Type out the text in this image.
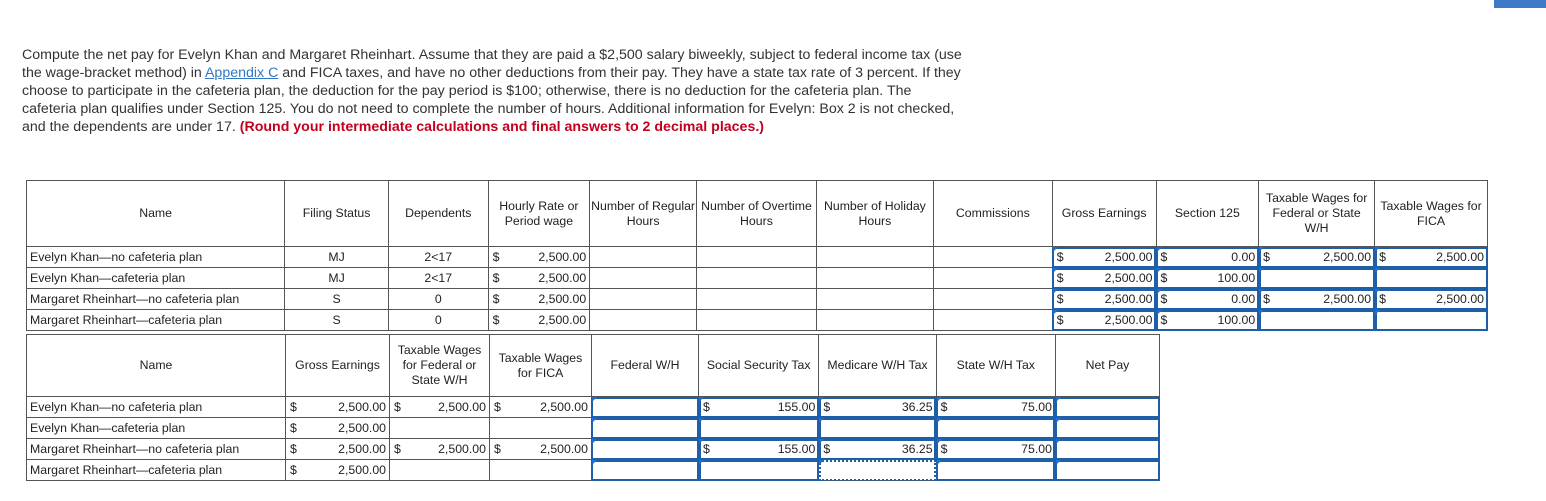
Compute the net pay for Evelyn Khan and Margaret Rheinhart. Assume that they are paid a $2,500 salary biweekly, subject to federal income tax (use the wage-bracket method) in Appendix C and FICA taxes, and have no other deductions from their pay. They have a state tax rate of 3 percent. If they choose to participate in the cafeteria plan, the deduction for the pay period is $100; otherwise, there is no deduction for the cafeteria plan. The cafeteria plan qualifies under Section 125. You do not need to complete the number of hours. Additional information for Evelyn: Box 2 is not checked, and the dependents are under 17. (Round your intermediate calculations and final answers to 2 decimal places.)
Name	Filing Status	Dependents	Hourly Rate or Period wage	Number of Regular Hours	Number of Overtime Hours	Number of Holiday Hours	Commissions	Gross Earnings	Section 125	Taxable Wages for Federal or State W/H	Taxable Wages for FICA
Evelyn Khan—no cafeteria plan	MJ	2<17	$ 2,500.00					$ 2,500.00	$ 0.00	$ 2,500.00	$ 2,500.00

Evelyn Khan—cafeteria plan	MJ	2<17	$ 2,500.00					$ 2,500.00	$ 100.00		

Margaret Rheinhart—no cafeteria plan	S	0	$ 2,500.00					$ 2,500.00	$ 0.00	$ 2,500.00	$ 2,500.00

Margaret Rheinhart—cafeteria plan	S	0	$ 2,500.00					$ 2,500.00	$ 100.00		

Name	Gross Earnings	Taxable Wages for Federal or State W/H	Taxable Wages for FICA	Federal W/H	Social Security Tax	Medicare W/H Tax	State W/H Tax	Net Pay
Evelyn Khan—no cafeteria plan	$ 2,500.00	$ 2,500.00	$ 2,500.00		$ 155.00	$ 36.25	$ 75.00	

Evelyn Khan—cafeteria plan	$ 2,500.00							

Margaret Rheinhart—no cafeteria plan	$ 2,500.00	$ 2,500.00	$ 2,500.00		$ 155.00	$ 36.25	$ 75.00	

Margaret Rheinhart—cafeteria plan	$ 2,500.00							
